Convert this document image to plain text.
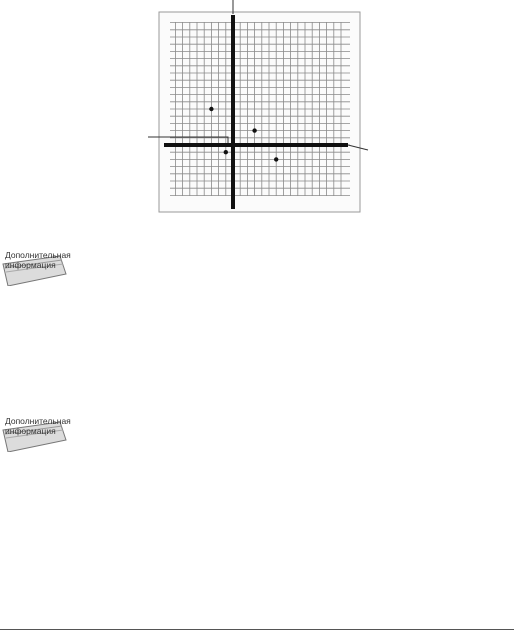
Дополнительная
информация
Дополнительная
информация
